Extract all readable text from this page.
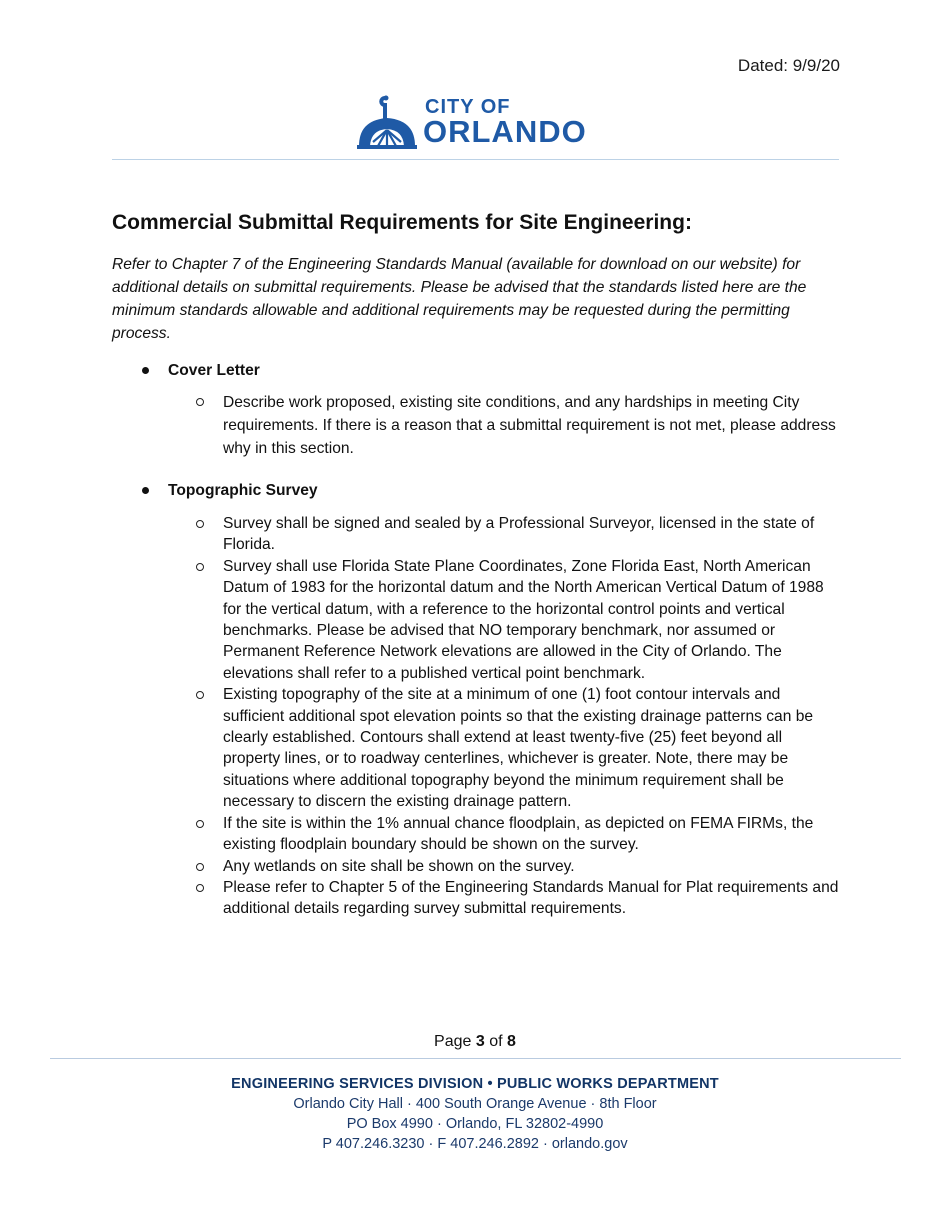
Dated: 9/9/20
CITY OF
ORLANDO
Commercial Submittal Requirements for Site Engineering:

Refer to Chapter 7 of the Engineering Standards Manual (available for download on our website) for additional details on submittal requirements. Please be advised that the standards listed here are the minimum standards allowable and additional requirements may be requested during the permitting process.

Cover Letter
Describe work proposed, existing site conditions, and any hardships in meeting City requirements. If there is a reason that a submittal requirement is not met, please address why in this section.
Topographic Survey
Survey shall be signed and sealed by a Professional Surveyor, licensed in the state of Florida.
Survey shall use Florida State Plane Coordinates, Zone Florida East, North American Datum of 1983 for the horizontal datum and the North American Vertical Datum of 1988 for the vertical datum, with a reference to the horizontal control points and vertical benchmarks. Please be advised that NO temporary benchmark, nor assumed or Permanent Reference Network elevations are allowed in the City of Orlando. The elevations shall refer to a published vertical point benchmark.
Existing topography of the site at a minimum of one (1) foot contour intervals and sufficient additional spot elevation points so that the existing drainage patterns can be clearly established. Contours shall extend at least twenty-five (25) feet beyond all property lines, or to roadway centerlines, whichever is greater. Note, there may be situations where additional topography beyond the minimum requirement shall be necessary to discern the existing drainage pattern.
If the site is within the 1% annual chance floodplain, as depicted on FEMA FIRMs, the existing floodplain boundary should be shown on the survey.
Any wetlands on site shall be shown on the survey.
Please refer to Chapter 5 of the Engineering Standards Manual for Plat requirements and additional details regarding survey submittal requirements.
Page 3 of 8
ENGINEERING SERVICES DIVISION • PUBLIC WORKS DEPARTMENT
Orlando City Hall · 400 South Orange Avenue · 8th Floor
PO Box 4990 · Orlando, FL 32802-4990
P 407.246.3230 · F 407.246.2892 · orlando.gov
